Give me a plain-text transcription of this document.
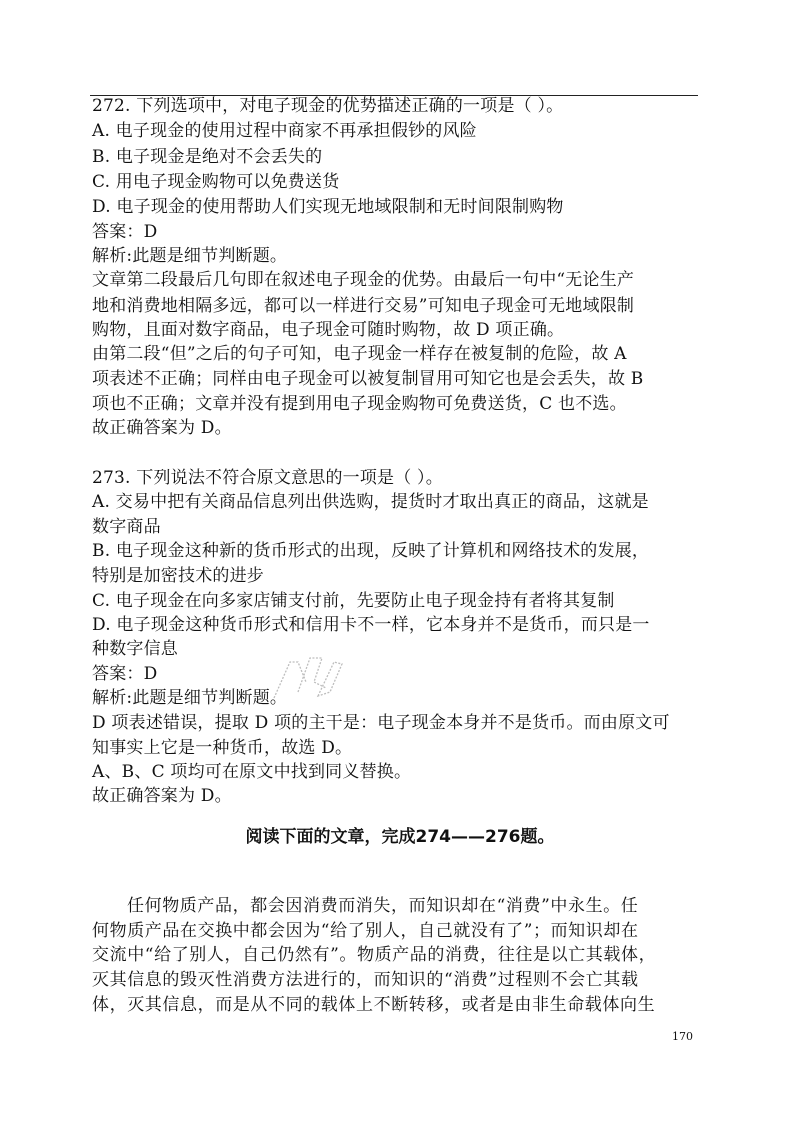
272. 下列选项中，对电子现金的优势描述正确的一项是（ ）。
A. 电子现金的使用过程中商家不再承担假钞的风险
B. 电子现金是绝对不会丢失的
C. 用电子现金购物可以免费送货
D. 电子现金的使用帮助人们实现无地域限制和无时间限制购物
答案：D
解析:此题是细节判断题。
文章第二段最后几句即在叙述电子现金的优势。由最后一句中“无论生产
地和消费地相隔多远，都可以一样进行交易”可知电子现金可无地域限制
购物，且面对数字商品，电子现金可随时购物，故 D 项正确。
由第二段“但”之后的句子可知，电子现金一样存在被复制的危险，故 A
项表述不正确；同样由电子现金可以被复制冒用可知它也是会丢失，故 B
项也不正确；文章并没有提到用电子现金购物可免费送货，C 也不选。
故正确答案为 D。
273. 下列说法不符合原文意思的一项是（ ）。
A. 交易中把有关商品信息列出供选购，提货时才取出真正的商品，这就是
数字商品
B. 电子现金这种新的货币形式的出现，反映了计算机和网络技术的发展，
特别是加密技术的进步
C. 电子现金在向多家店铺支付前，先要防止电子现金持有者将其复制
D. 电子现金这种货币形式和信用卡不一样，它本身并不是货币，而只是一
种数字信息
答案：D
解析:此题是细节判断题。
D 项表述错误，提取 D 项的主干是：电子现金本身并不是货币。而由原文可
知事实上它是一种货币，故选 D。
A、B、C 项均可在原文中找到同义替换。
故正确答案为 D。
阅读下面的文章，完成274——276题。
任何物质产品，都会因消费而消失，而知识却在“消费”中永生。任
何物质产品在交换中都会因为“给了别人，自己就没有了”；而知识却在
交流中“给了别人，自己仍然有”。物质产品的消费，往往是以亡其载体，
灭其信息的毁灭性消费方法进行的，而知识的“消费”过程则不会亡其载
体，灭其信息，而是从不同的载体上不断转移，或者是由非生命载体向生
170
